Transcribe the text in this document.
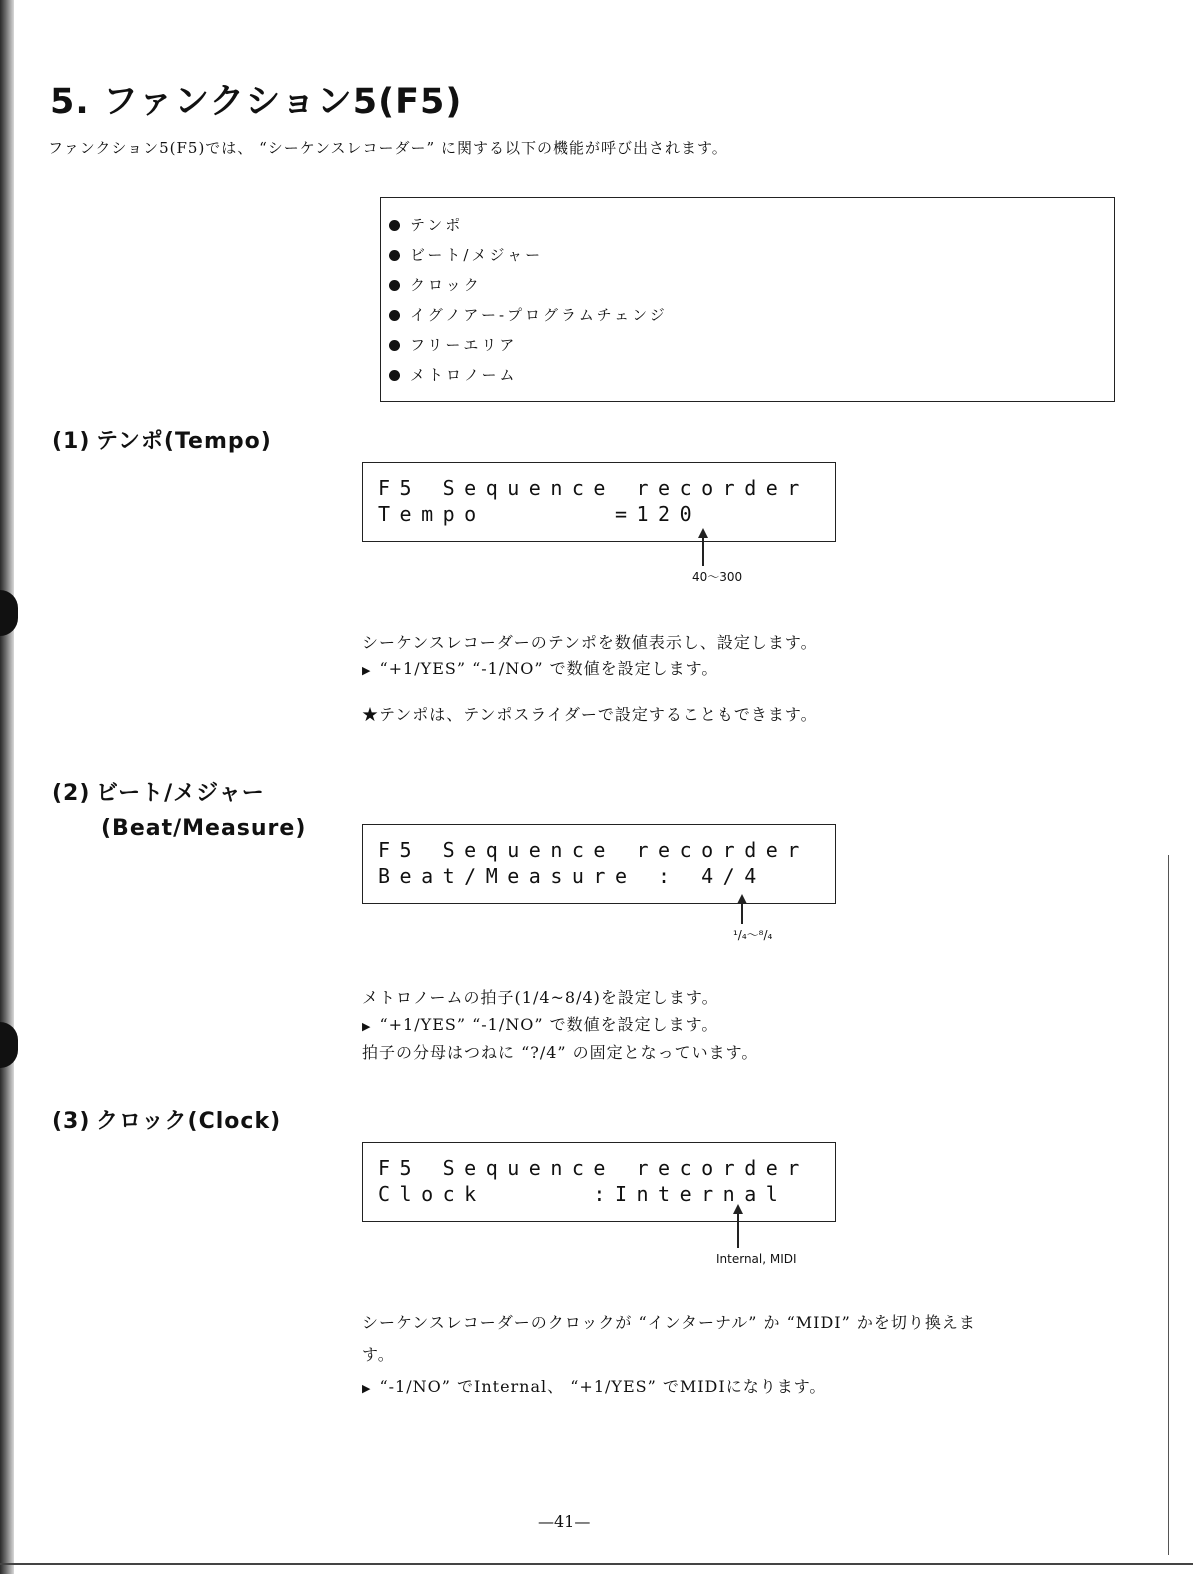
5. ファンクション5(F5)
ファンクション5(F5)では、 “シーケンスレコーダー” に関する以下の機能が呼び出されます。
テンポ
ビート/メジャー
クロック
イグノアー-プログラムチェンジ
フリーエリア
メトロノーム
(1) テンポ(Tempo)
F5 Sequence recorder
Tempo      =120
40～300
シーケンスレコーダーのテンポを数値表示し、設定します。
▶ “+1/YES” “-1/NO” で数値を設定します。
★テンポは、テンポスライダーで設定することもできます。
(2) ビート/メジャー
(Beat/Measure)
F5 Sequence recorder
Beat∕Measure : 4∕4
¹/₄～⁸/₄
メトロノームの拍子(1/4~8/4)を設定します。
▶ “+1/YES” “-1/NO” で数値を設定します。
拍子の分母はつねに “?/4” の固定となっています。
(3) クロック(Clock)
F5 Sequence recorder
Clock     :Internal
Internal, MIDI
シーケンスレコーダーのクロックが “インターナル” か “MIDI” かを切り換えま
す。
▶ “-1/NO” でInternal、 “+1/YES” でMIDIになります。
—41—
